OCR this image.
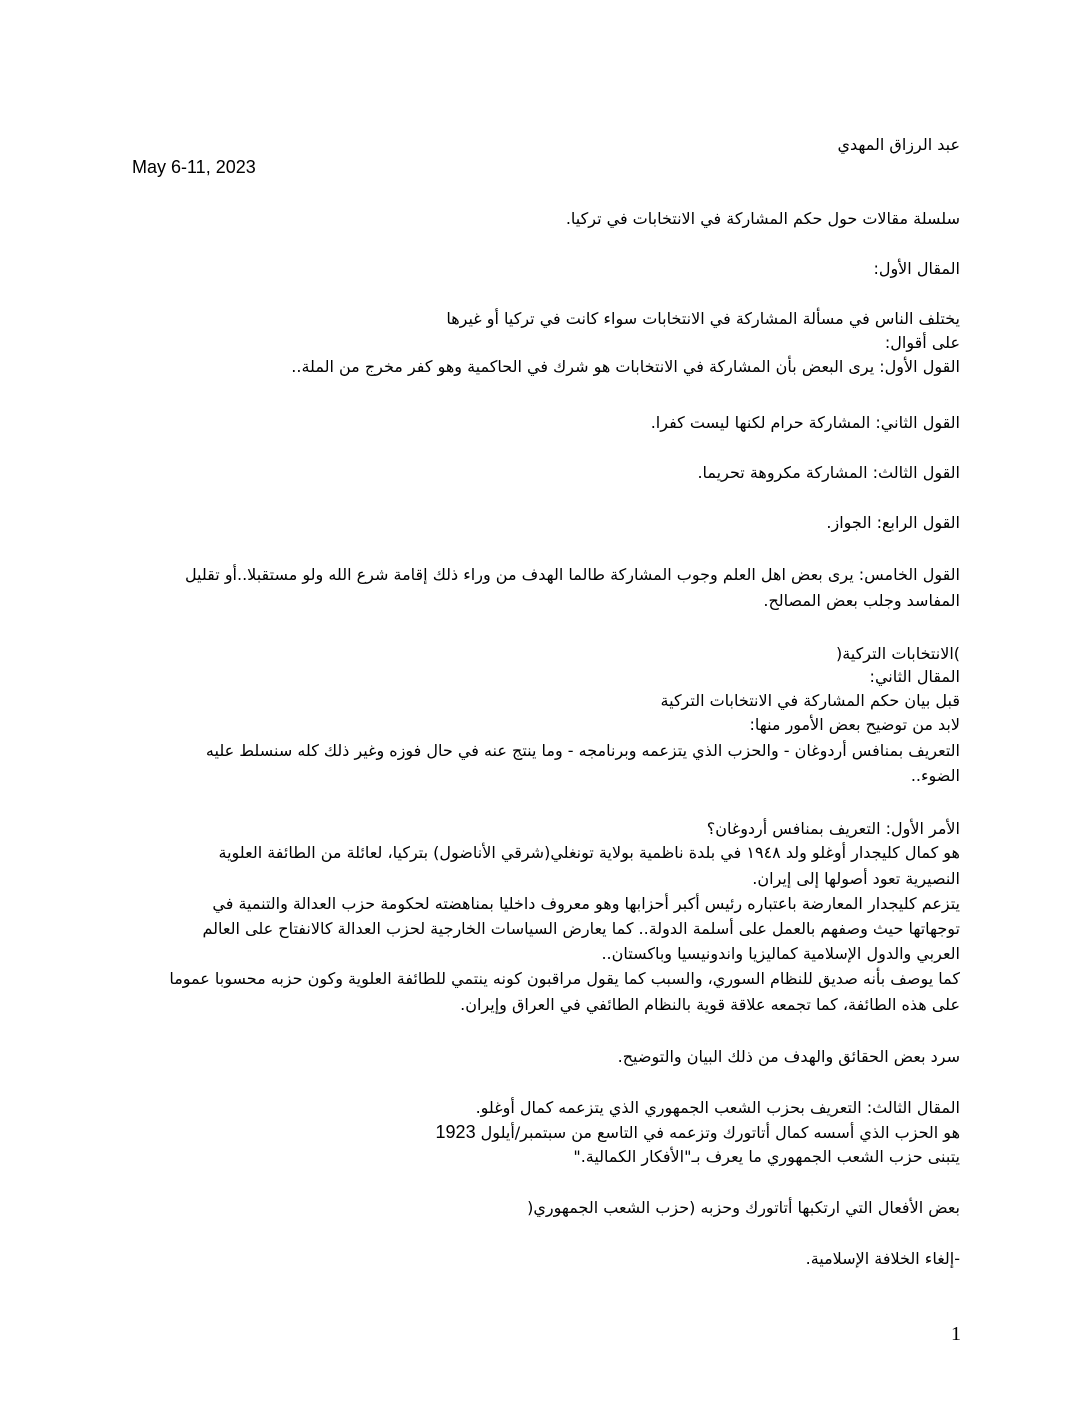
عبد الرزاق المهدي
May 6-11, 2023
سلسلة مقالات حول حكم المشاركة في الانتخابات في تركيا.
المقال الأول:
يختلف الناس في مسألة المشاركة في الانتخابات سواء كانت في تركيا أو غيرها
على أقوال:
القول الأول: يرى البعض بأن المشاركة في الانتخابات هو شرك في الحاكمية وهو كفر مخرج من الملة..
القول الثاني: المشاركة حرام لكنها ليست كفرا.
القول الثالث: المشاركة مكروهة تحريما.
القول الرابع: الجواز.
القول الخامس: يرى بعض اهل العلم وجوب المشاركة طالما الهدف من وراء ذلك إقامة شرع الله ولو مستقبلا..أو تقليل
المفاسد وجلب بعض المصالح.
)الانتخابات التركية(
المقال الثاني:
قبل بيان حكم المشاركة في الانتخابات التركية
لابد من توضيح بعض الأمور منها:
التعريف بمنافس أردوغان - والحزب الذي يتزعمه وبرنامجه - وما ينتج عنه في حال فوزه وغير ذلك كله سنسلط عليه
الضوء..
الأمر الأول: التعريف بمنافس أردوغان؟
هو كمال كليجدار أوغلو ولد ١٩٤٨ في بلدة ناظمية بولاية تونغلي(شرقي الأناضول) بتركيا، لعائلة من الطائفة العلوية
النصيرية تعود أصولها إلى إيران.
يتزعم كليجدار المعارضة باعتباره رئيس أكبر أحزابها وهو معروف داخليا بمناهضته لحكومة حزب العدالة والتنمية في
توجهاتها حيث وصفهم بالعمل على أسلمة الدولة.. كما يعارض السياسات الخارجية لحزب العدالة كالانفتاح على العالم
العربي والدول الإسلامية كماليزيا واندونيسيا وباكستان..
كما يوصف بأنه صديق للنظام السوري، والسبب كما يقول مراقبون كونه ينتمي للطائفة العلوية وكون حزبه محسوبا عموما
على هذه الطائفة، كما تجمعه علاقة قوية بالنظام الطائفي في العراق وإيران.
سرد بعض الحقائق والهدف من ذلك البيان والتوضيح.
المقال الثالث: التعريف بحزب الشعب الجمهوري الذي يتزعمه كمال أوغلو.
هو الحزب الذي أسسه كمال أتاتورك وتزعمه في التاسع من سبتمبر/أيلول 1923
يتبنى حزب الشعب الجمهوري ما يعرف بـ"الأفكار الكمالية."
بعض الأفعال التي ارتكبها أتاتورك وحزبه (حزب الشعب الجمهوري(
-إلغاء الخلافة الإسلامية.
1
